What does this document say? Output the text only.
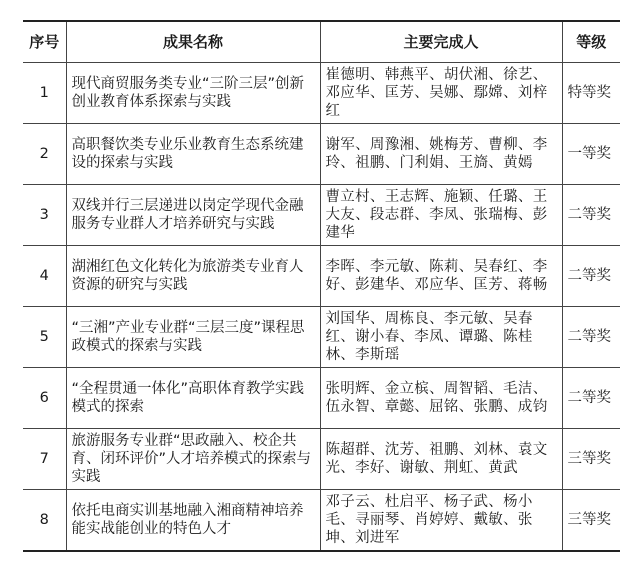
序号	成果名称	主要完成人	等级
1	现代商贸服务类专业“三阶三层”创新创业教育体系探索与实践	崔德明、韩燕平、胡伏湘、徐艺、邓应华、匡芳、吴娜、鄢嫦、刘梓红	特等奖
2	高职餐饮类专业乐业教育生态系统建设的探索与实践	谢军、周豫湘、姚梅芳、曹柳、李玲、祖鹏、门利娟、王旖、黄嫣	一等奖
3	双线并行三层递进以岗定学现代金融服务专业群人才培养研究与实践	曹立村、王志辉、施颖、任璐、王大友、段志群、李凤、张瑞梅、彭建华	二等奖
4	湖湘红色文化转化为旅游类专业育人资源的研究与实践	李晖、李元敏、陈莉、吴春红、李好、彭建华、邓应华、匡芳、蒋畅	二等奖
5	“三湘”产业专业群“三层三度”课程思政模式的探索与实践	刘国华、周栋良、李元敏、吴春红、谢小春、李凤、谭璐、陈桂林、李斯瑶	二等奖
6	“全程贯通一体化”高职体育教学实践模式的探索	张明辉、金立槟、周智韬、毛洁、伍永智、章懿、屈铭、张鹏、成钧	二等奖
7	旅游服务专业群“思政融入、校企共育、闭环评价”人才培养模式的探索与实践	陈超群、沈芳、祖鹏、刘林、袁文光、李好、谢敏、荆虹、黄武	三等奖
8	依托电商实训基地融入湘商精神培养能实战能创业的特色人才	邓子云、杜启平、杨子武、杨小毛、寻丽琴、肖婷婷、戴敏、张坤、刘进军	三等奖
